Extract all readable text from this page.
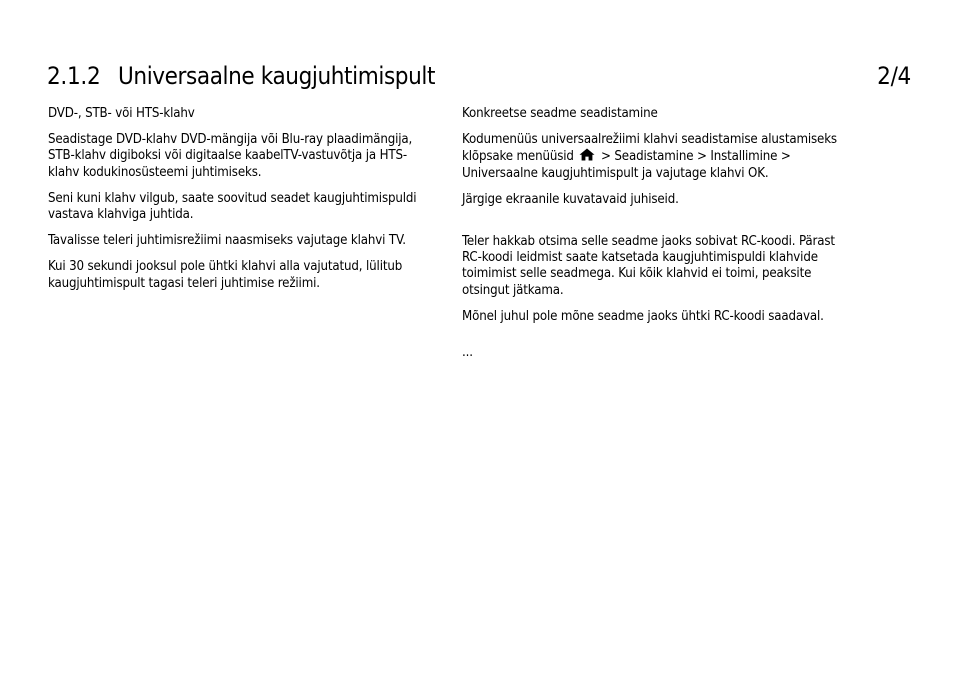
2.1.2 Universaalne kaugjuhtimispult	2/4

DVD-, STB- või HTS-klahv

Seadistage DVD-klahv DVD-mängija või Blu-ray plaadimängija, STB-klahv digiboksi või digitaalse kaabelTV-vastuvõtja ja HTS-klahv kodukinosüsteemi juhtimiseks.

Seni kuni klahv vilgub, saate soovitud seadet kaugjuhtimispuldi vastava klahviga juhtida.

Tavalisse teleri juhtimisrežiimi naasmiseks vajutage klahvi TV.

Kui 30 sekundi jooksul pole ühtki klahvi alla vajutatud, lülitub kaugjuhtimispult tagasi teleri juhtimise režiimi.

Konkreetse seadme seadistamine

Kodumenüüs universaalrežiimi klahvi seadistamise alustamiseks klõpsake menüüsid > Seadistamine > Installimine > Universaalne kaugjuhtimispult ja vajutage klahvi OK.

Järgige ekraanile kuvatavaid juhiseid.

Teler hakkab otsima selle seadme jaoks sobivat RC-koodi. Pärast RC-koodi leidmist saate katsetada kaugjuhtimispuldi klahvide toimimist selle seadmega. Kui kõik klahvid ei toimi, peaksite otsingut jätkama.

Mõnel juhul pole mõne seadme jaoks ühtki RC-koodi saadaval.

...
